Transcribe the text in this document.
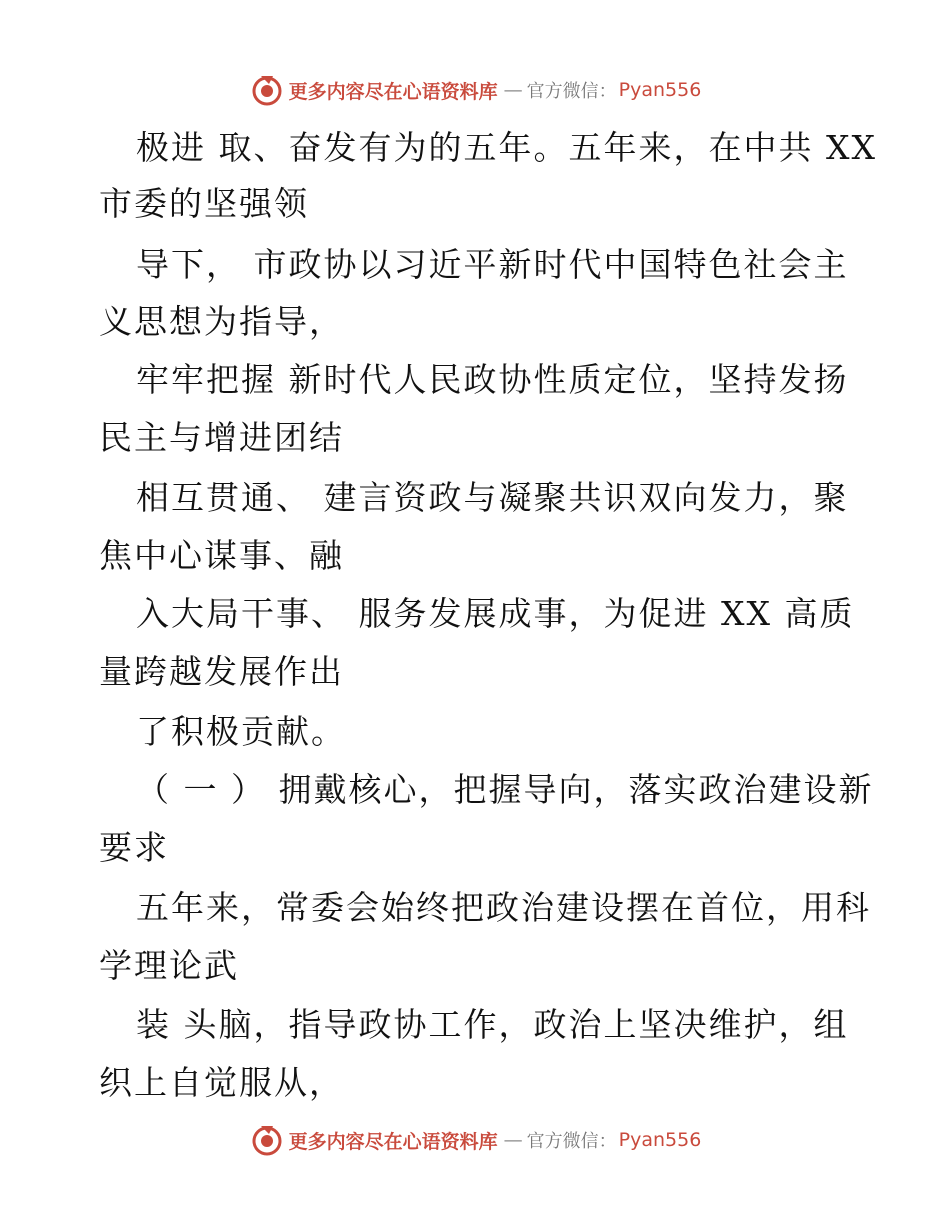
更多内容尽在心语资料库 — 官方微信： Pyan556
极进 取、奋发有为的五年。五年来，在中共 XX
市委的坚强领
导下， 市政协以习近平新时代中国特色社会主
义思想为指导，
牢牢把握 新时代人民政协性质定位，坚持发扬
民主与增进团结
相互贯通、 建言资政与凝聚共识双向发力，聚
焦中心谋事、融
入大局干事、 服务发展成事，为促进 XX 高质
量跨越发展作出
了积极贡献。
（ 一 ） 拥戴核心，把握导向，落实政治建设新
要求
五年来，常委会始终把政治建设摆在首位，用科
学理论武
装 头脑，指导政协工作，政治上坚决维护，组
织上自觉服从，
更多内容尽在心语资料库 — 官方微信： Pyan556
